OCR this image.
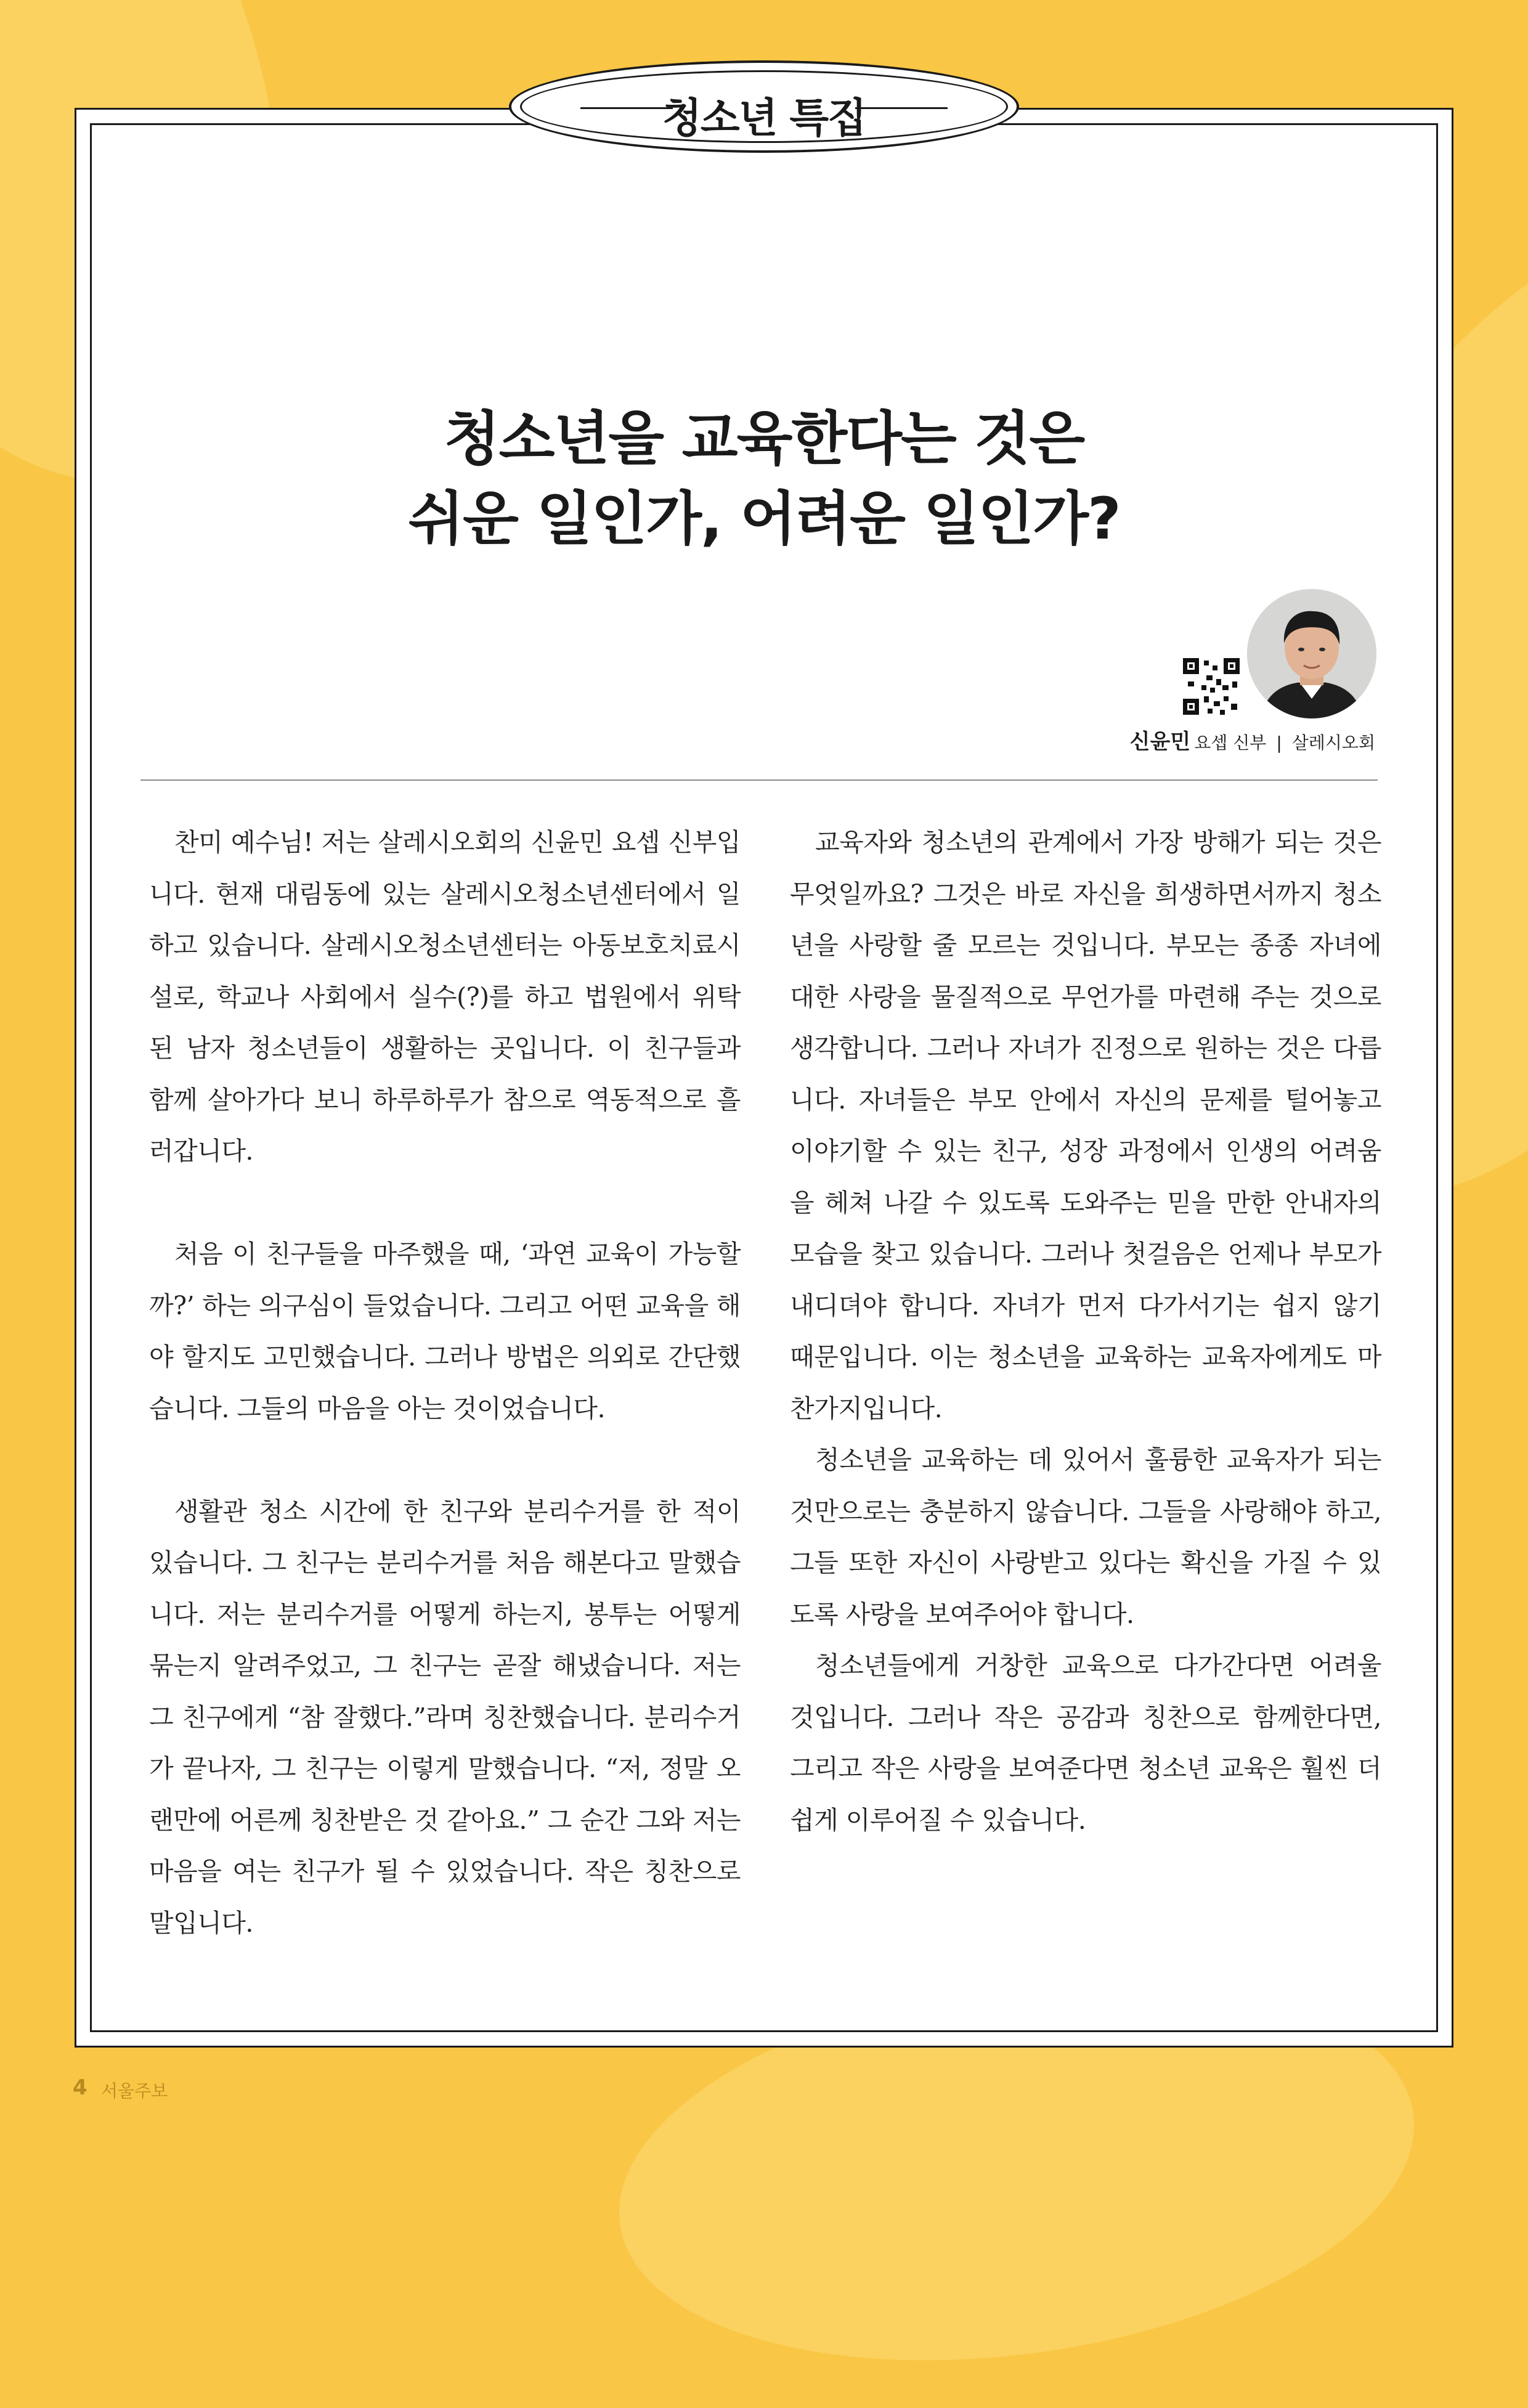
청소년 특집
청소년을 교육한다는 것은
쉬운 일인가, 어려운 일인가?
신윤민 요셉 신부 | 살레시오회

찬미 예수님! 저는 살레시오회의 신윤민 요셉 신부입니다. 현재 대림동에 있는 살레시오청소년센터에서 일하고 있습니다. 살레시오청소년센터는 아동보호치료시설로, 학교나 사회에서 실수(?)를 하고 법원에서 위탁된 남자 청소년들이 생활하는 곳입니다. 이 친구들과 함께 살아가다 보니 하루하루가 참으로 역동적으로 흘러갑니다.

처음 이 친구들을 마주했을 때, ‘과연 교육이 가능할까?’ 하는 의구심이 들었습니다. 그리고 어떤 교육을 해야 할지도 고민했습니다. 그러나 방법은 의외로 간단했습니다. 그들의 마음을 아는 것이었습니다.

생활관 청소 시간에 한 친구와 분리수거를 한 적이 있습니다. 그 친구는 분리수거를 처음 해본다고 말했습니다. 저는 분리수거를 어떻게 하는지, 봉투는 어떻게 묶는지 알려주었고, 그 친구는 곧잘 해냈습니다. 저는 그 친구에게 “참 잘했다.”라며 칭찬했습니다. 분리수거가 끝나자, 그 친구는 이렇게 말했습니다. “저, 정말 오랜만에 어른께 칭찬받은 것 같아요.” 그 순간 그와 저는 마음을 여는 친구가 될 수 있었습니다. 작은 칭찬으로 말입니다.

교육자와 청소년의 관계에서 가장 방해가 되는 것은 무엇일까요? 그것은 바로 자신을 희생하면서까지 청소년을 사랑할 줄 모르는 것입니다. 부모는 종종 자녀에 대한 사랑을 물질적으로 무언가를 마련해 주는 것으로 생각합니다. 그러나 자녀가 진정으로 원하는 것은 다릅니다. 자녀들은 부모 안에서 자신의 문제를 털어놓고 이야기할 수 있는 친구, 성장 과정에서 인생의 어려움을 헤쳐 나갈 수 있도록 도와주는 믿을 만한 안내자의 모습을 찾고 있습니다. 그러나 첫걸음은 언제나 부모가 내디뎌야 합니다. 자녀가 먼저 다가서기는 쉽지 않기 때문입니다. 이는 청소년을 교육하는 교육자에게도 마찬가지입니다.

청소년을 교육하는 데 있어서 훌륭한 교육자가 되는 것만으로는 충분하지 않습니다. 그들을 사랑해야 하고, 그들 또한 자신이 사랑받고 있다는 확신을 가질 수 있도록 사랑을 보여주어야 합니다.

청소년들에게 거창한 교육으로 다가간다면 어려울 것입니다. 그러나 작은 공감과 칭찬으로 함께한다면, 그리고 작은 사랑을 보여준다면 청소년 교육은 훨씬 더 쉽게 이루어질 수 있습니다.

4 서울주보
